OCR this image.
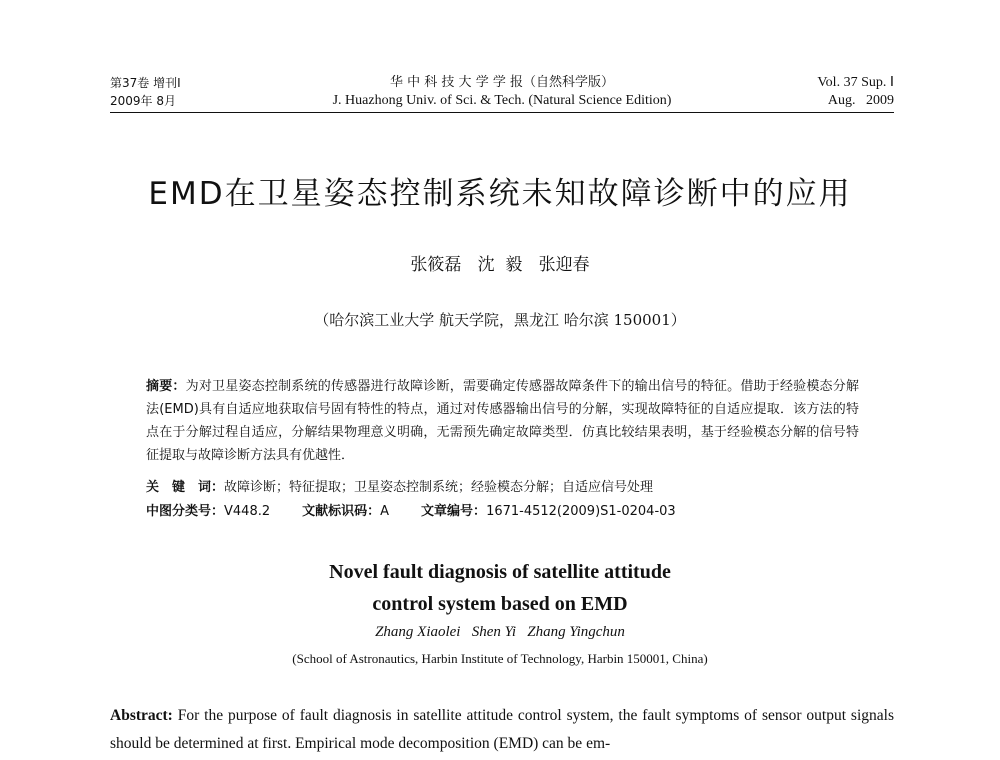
第37卷 增刊Ⅰ
2009年 8月
华 中 科 技 大 学 学 报（自然科学版）
J. Huazhong Univ. of Sci. & Tech. (Natural Science Edition)
Vol. 37 Sup. Ⅰ
Aug.   2009
EMD在卫星姿态控制系统未知故障诊断中的应用
张筱磊   沈  毅   张迎春
（哈尔滨工业大学 航天学院，黑龙江 哈尔滨 150001）
摘要：为对卫星姿态控制系统的传感器进行故障诊断，需要确定传感器故障条件下的输出信号的特征。借助于经验模态分解法(EMD)具有自适应地获取信号固有特性的特点，通过对传感器输出信号的分解，实现故障特征的自适应提取．该方法的特点在于分解过程自适应，分解结果物理意义明确，无需预先确定故障类型．仿真比较结果表明，基于经验模态分解的信号特征提取与故障诊断方法具有优越性．
关　键　词：故障诊断；特征提取；卫星姿态控制系统；经验模态分解；自适应信号处理
中图分类号：V448.2 文献标识码：A 文章编号：1671-4512(2009)S1-0204-03
Novel fault diagnosis of satellite attitude
control system based on EMD
Zhang Xiaolei   Shen Yi   Zhang Yingchun
(School of Astronautics, Harbin Institute of Technology, Harbin 150001, China)
Abstract: For the purpose of fault diagnosis in satellite attitude control system, the fault symptoms of sensor output signals should be determined at first. Empirical mode decomposition (EMD) can be em-
